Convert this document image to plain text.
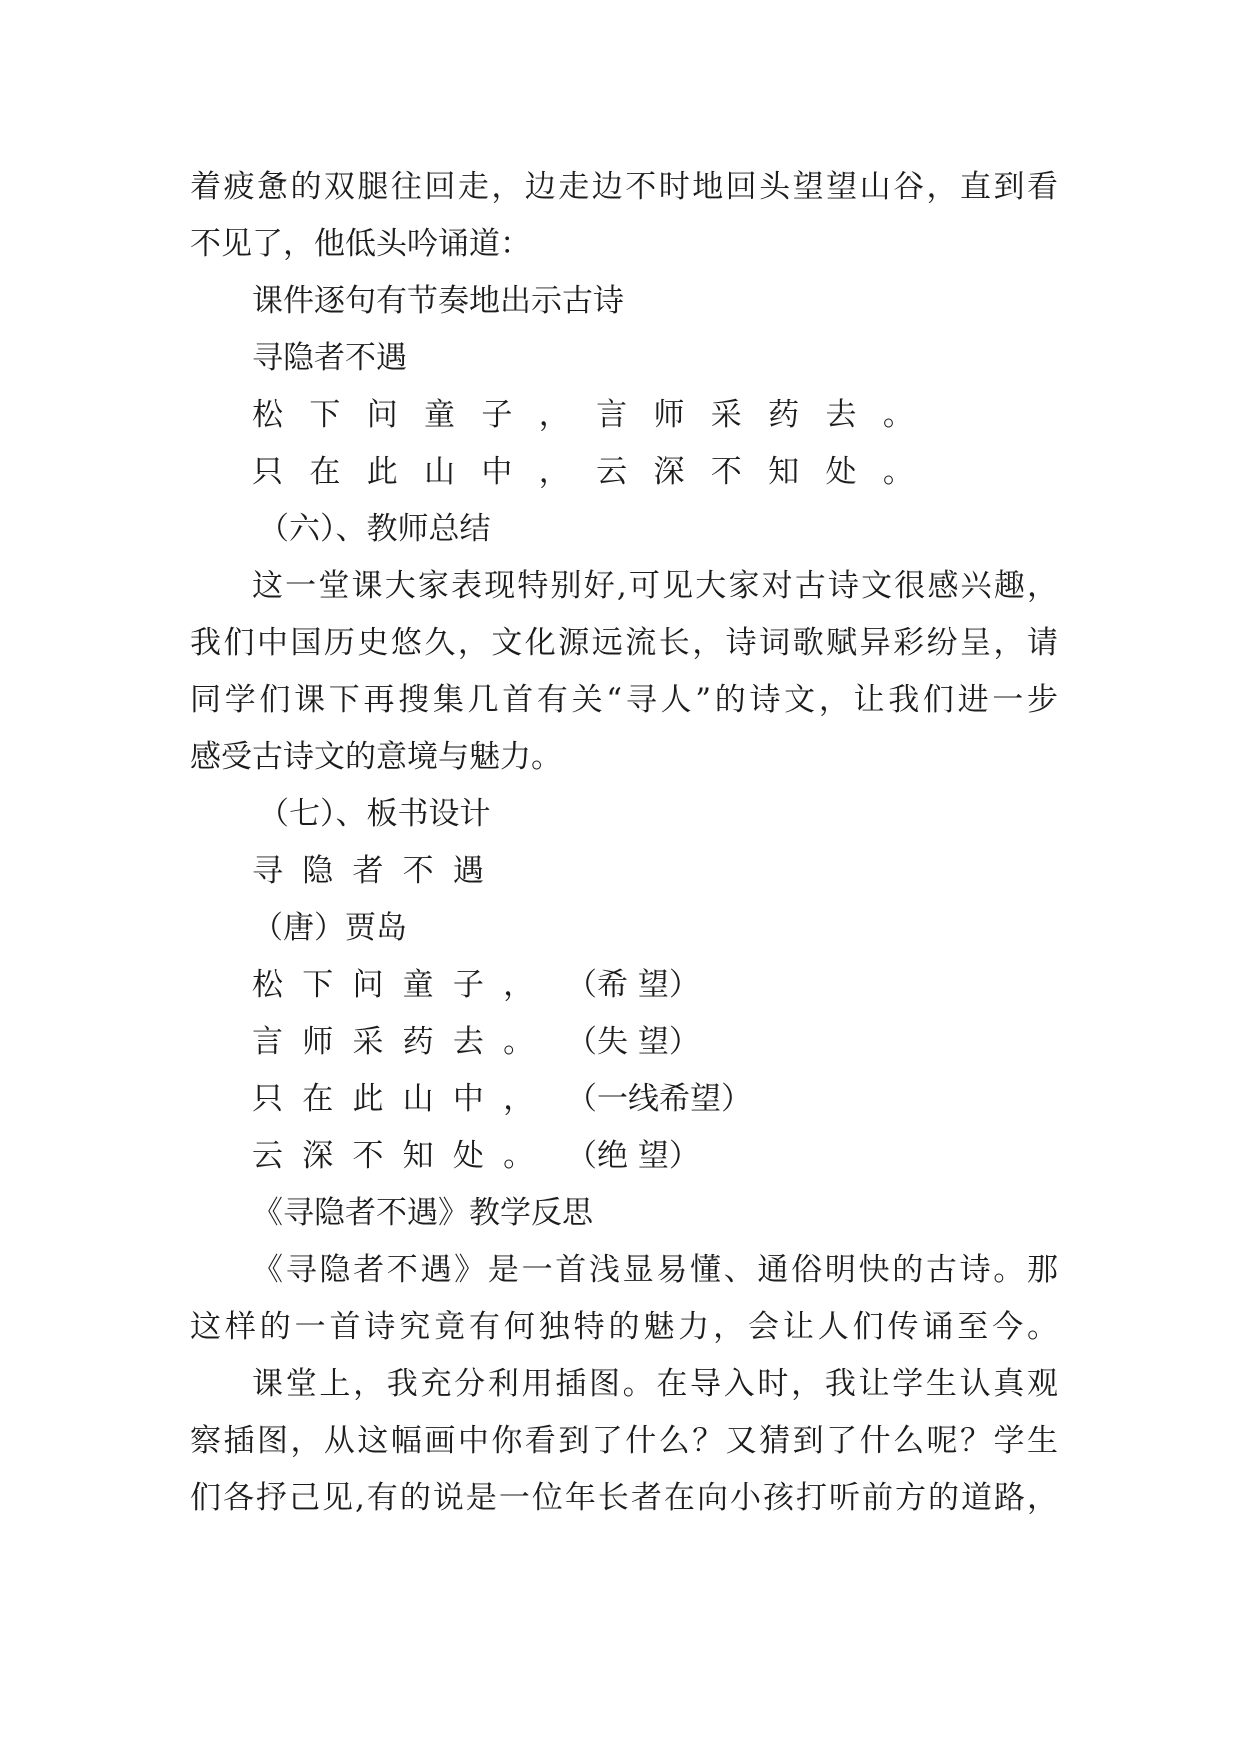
着疲惫的双腿往回走，边走边不时地回头望望山谷，直到看
不见了，他低头吟诵道：
课件逐句有节奏地出示古诗
寻隐者不遇
松下问童子，言师采药去。
只在此山中，云深不知处。
（六）、教师总结
这一堂课大家表现特别好,可见大家对古诗文很感兴趣，
我们中国历史悠久，文化源远流长，诗词歌赋异彩纷呈，请
同学们课下再搜集几首有关“寻人”的诗文，让我们进一步
感受古诗文的意境与魅力。
（七）、板书设计
寻隐者不遇
（唐）贾岛
松下问童子， （希 望）
言师采药去。 （失 望）
只在此山中， （一线希望）
云深不知处。 （绝 望）
《寻隐者不遇》教学反思
《寻隐者不遇》是一首浅显易懂、通俗明快的古诗。那
这样的一首诗究竟有何独特的魅力，会让人们传诵至今。
课堂上，我充分利用插图。在导入时，我让学生认真观
察插图，从这幅画中你看到了什么？又猜到了什么呢？学生
们各抒己见,有的说是一位年长者在向小孩打听前方的道路，
